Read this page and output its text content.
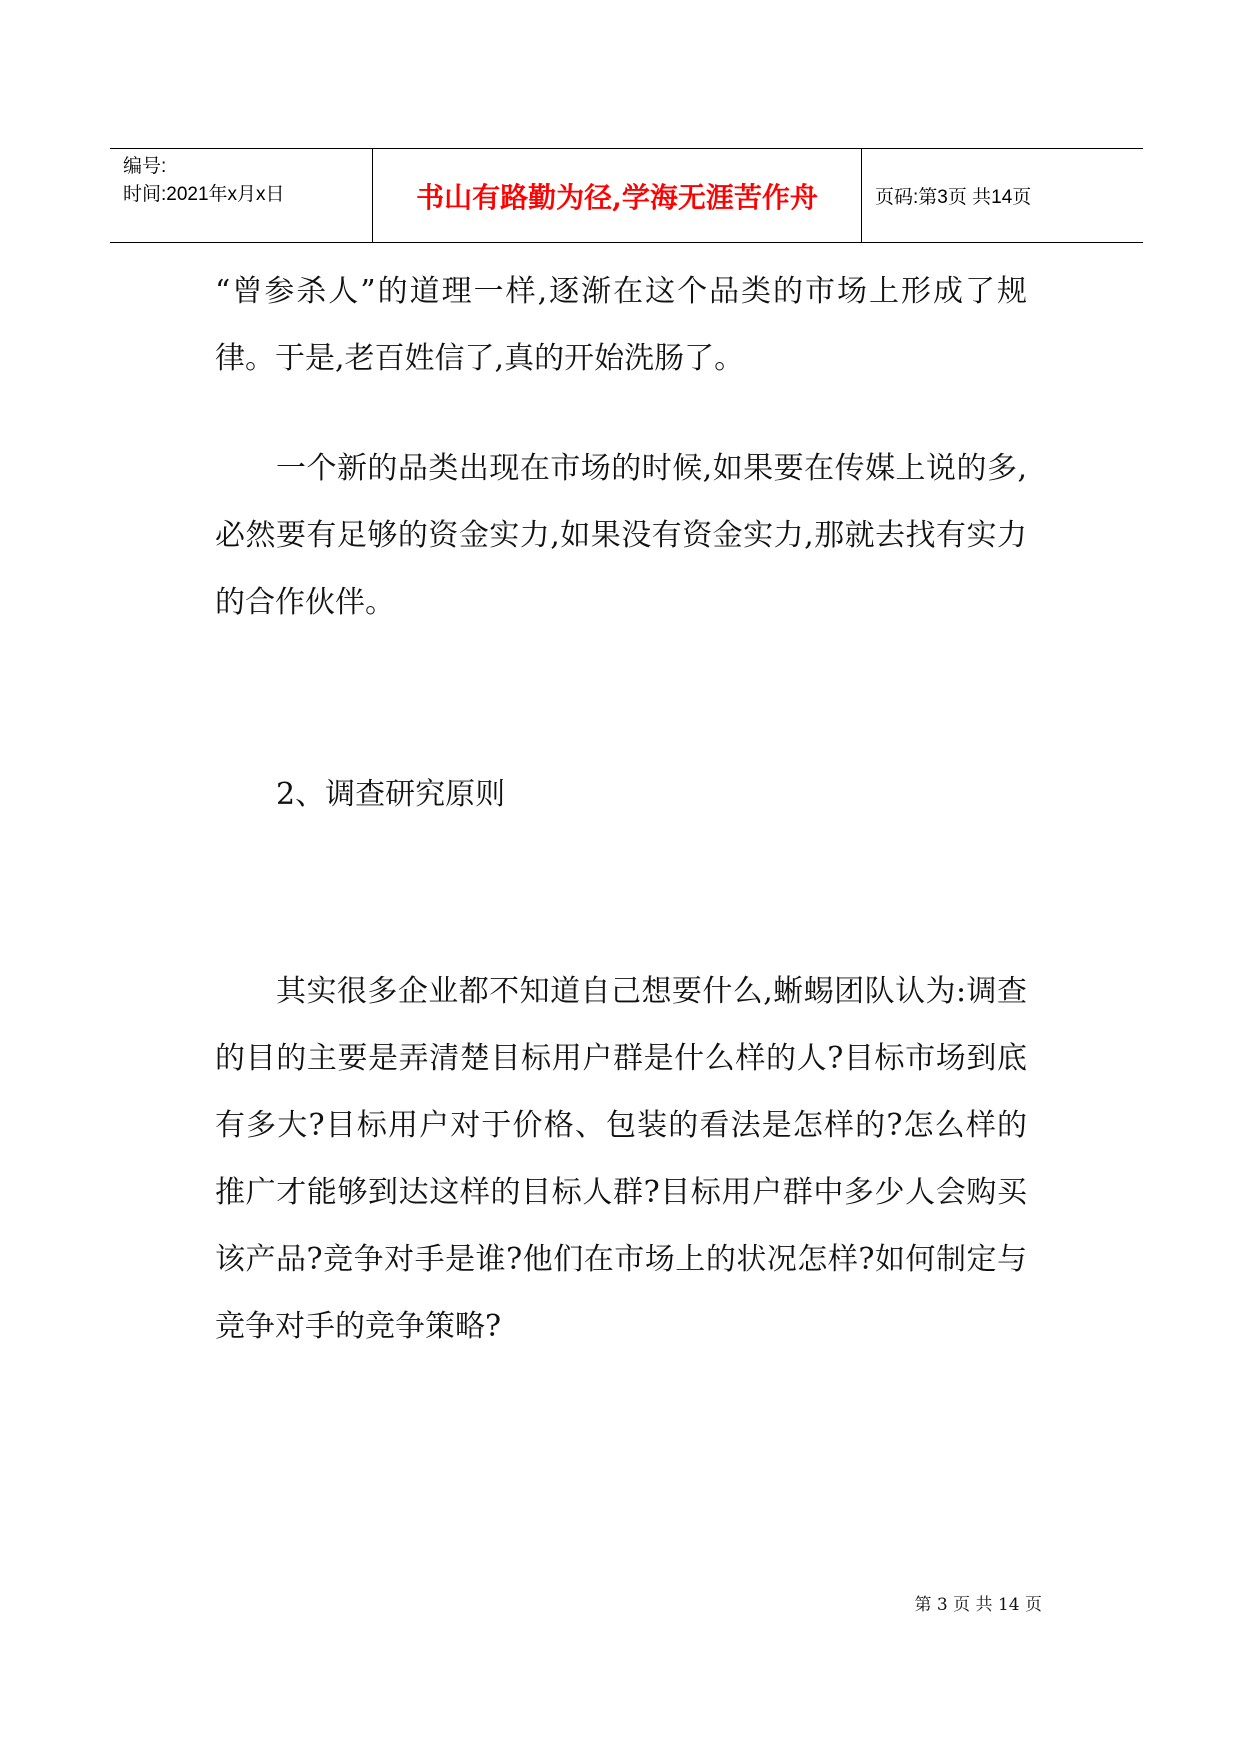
编号:
时间:2021年x月x日	书山有路勤为径,学海无涯苦作舟	页码:第3页 共14页

“曾参杀人”的道理一样,逐渐在这个品类的市场上形成了规律。于是,老百姓信了,真的开始洗肠了。

一个新的品类出现在市场的时候,如果要在传媒上说的多,必然要有足够的资金实力,如果没有资金实力,那就去找有实力的合作伙伴。

2、调查研究原则

其实很多企业都不知道自己想要什么,蜥蜴团队认为:调查的目的主要是弄清楚目标用户群是什么样的人?目标市场到底有多大?目标用户对于价格、包装的看法是怎样的?怎么样的推广才能够到达这样的目标人群?目标用户群中多少人会购买该产品?竞争对手是谁?他们在市场上的状况怎样?如何制定与竞争对手的竞争策略?

第 3 页 共 14 页
